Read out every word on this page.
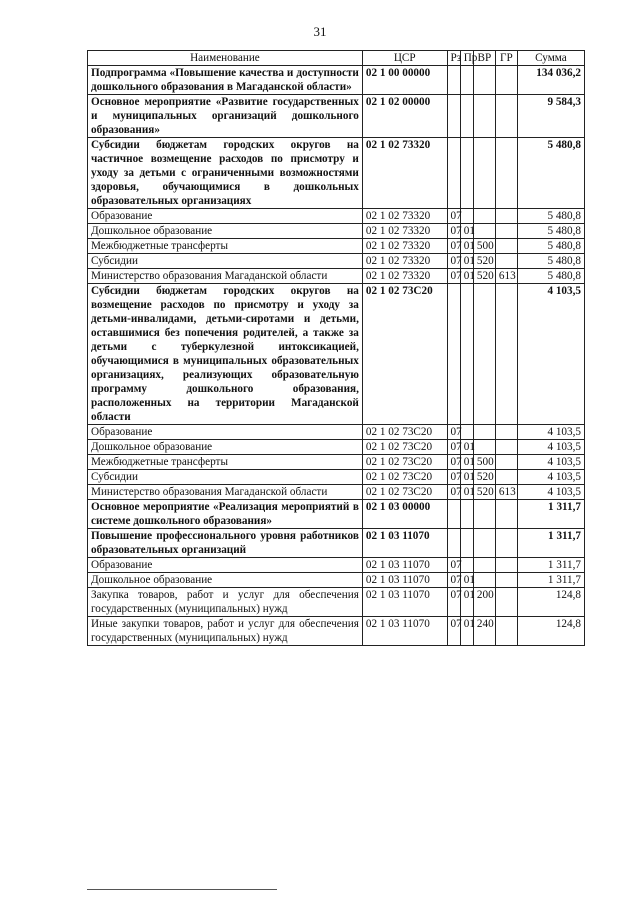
31
Наименование	ЦСР	Рз	Пр	ВР	ГР	Сумма
Подпрограмма «Повышение качества и доступности дошкольного образования в Магаданской области»	02 1 00 00000					134 036,2
Основное мероприятие «Развитие государственных и муниципальных организаций дошкольного образования»	02 1 02 00000					9 584,3
Субсидии бюджетам городских округов на частичное возмещение расходов по присмотру и уходу за детьми с ограниченными возможностями здоровья, обучающимися в дошкольных образовательных организациях	02 1 02 73320					5 480,8
Образование	02 1 02 73320	07				5 480,8
Дошкольное образование	02 1 02 73320	07	01			5 480,8
Межбюджетные трансферты	02 1 02 73320	07	01	500		5 480,8
Субсидии	02 1 02 73320	07	01	520		5 480,8
Министерство образования Магаданской области	02 1 02 73320	07	01	520	613	5 480,8
Субсидии бюджетам городских округов на возмещение расходов по присмотру и уходу за детьми-инвалидами, детьми-сиротами и детьми, оставшимися без попечения родителей, а также за детьми с туберкулезной интоксикацией, обучающимися в муниципальных образовательных организациях, реализующих образовательную программу дошкольного образования, расположенных на территории Магаданской области	02 1 02 73С20					4 103,5
Образование	02 1 02 73С20	07				4 103,5
Дошкольное образование	02 1 02 73С20	07	01			4 103,5
Межбюджетные трансферты	02 1 02 73С20	07	01	500		4 103,5
Субсидии	02 1 02 73С20	07	01	520		4 103,5
Министерство образования Магаданской области	02 1 02 73С20	07	01	520	613	4 103,5
Основное мероприятие «Реализация мероприятий в системе дошкольного образования»	02 1 03 00000					1 311,7
Повышение профессионального уровня работников образовательных организаций	02 1 03 11070					1 311,7
Образование	02 1 03 11070	07				1 311,7
Дошкольное образование	02 1 03 11070	07	01			1 311,7
Закупка товаров, работ и услуг для обеспечения государственных (муниципальных) нужд	02 1 03 11070	07	01	200		124,8
Иные закупки товаров, работ и услуг для обеспечения государственных (муниципальных) нужд	02 1 03 11070	07	01	240		124,8
